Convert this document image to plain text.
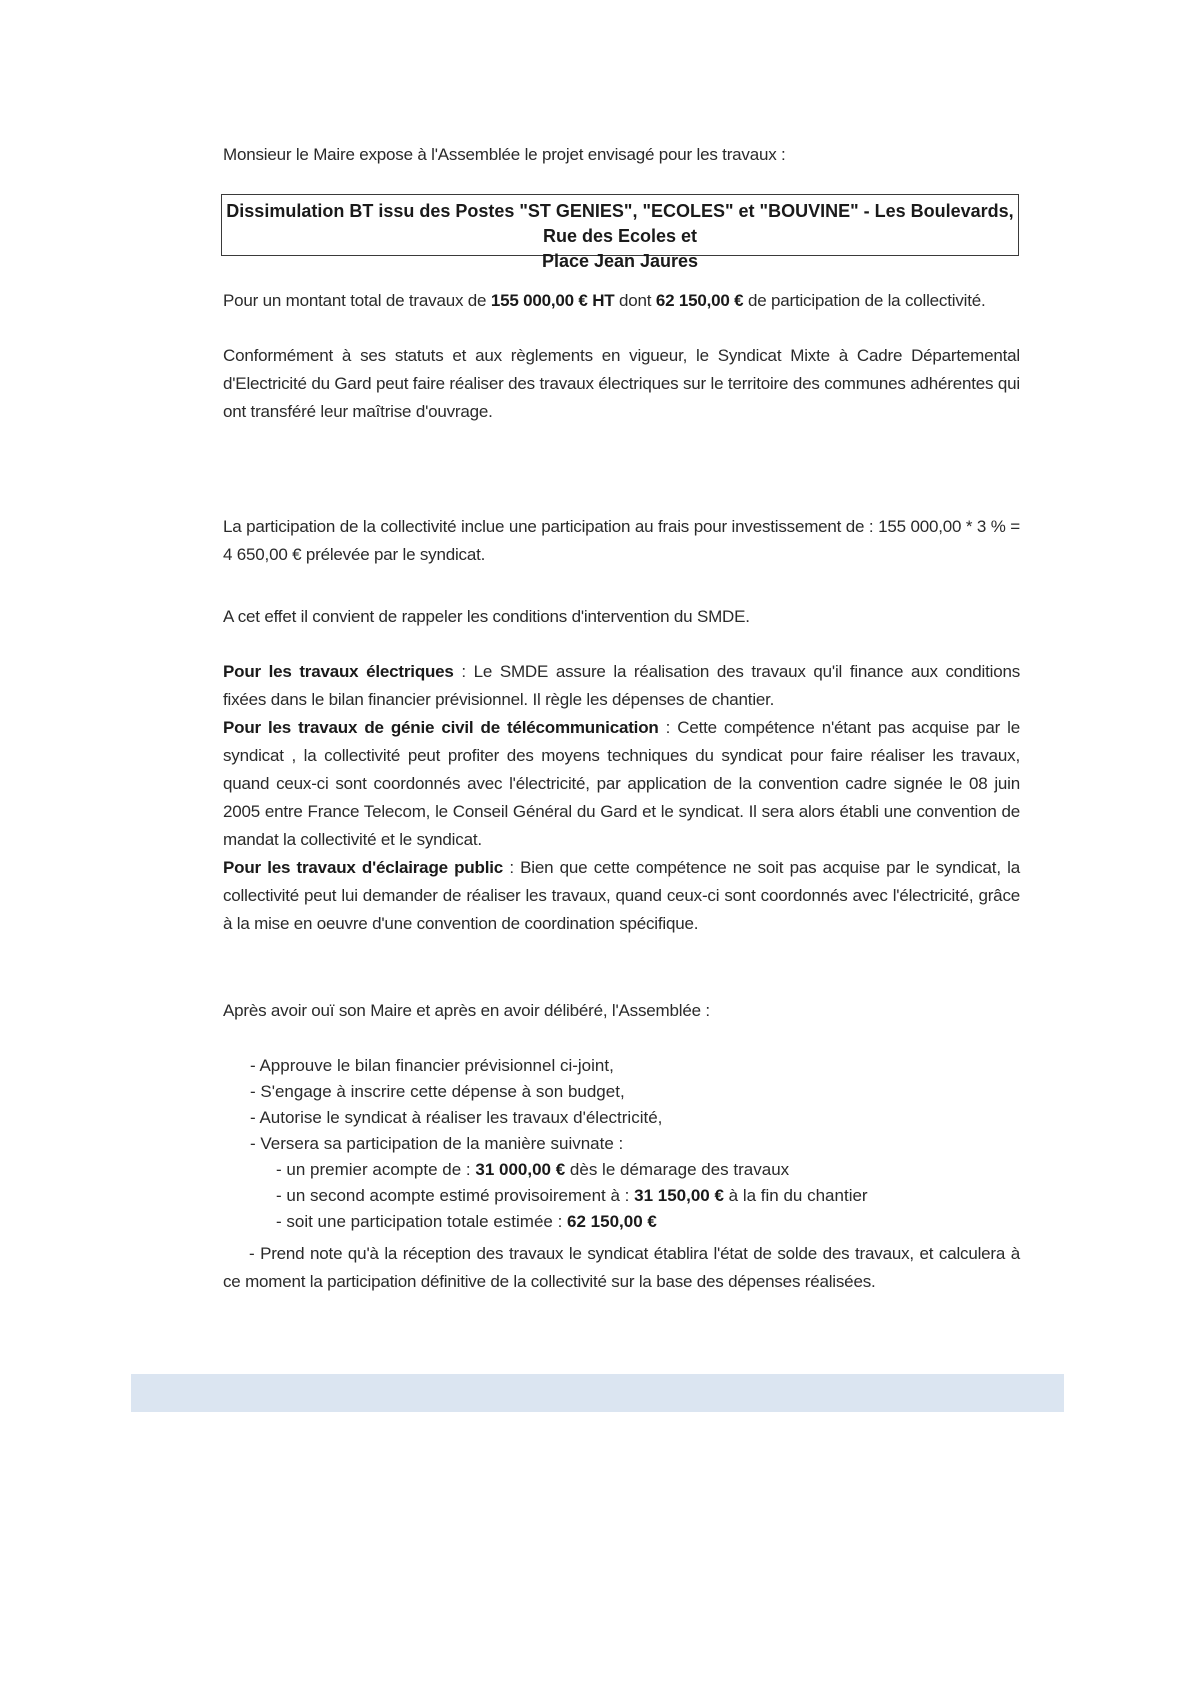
Monsieur le Maire expose à l'Assemblée le projet envisagé pour les travaux :
Dissimulation BT issu des Postes "ST GENIES", "ECOLES" et "BOUVINE" - Les Boulevards, Rue des Ecoles et
Place Jean Jaures
Pour un montant total de travaux de 155 000,00 € HT dont 62 150,00 € de participation de la collectivité.
Conformément à ses statuts et aux règlements en vigueur, le Syndicat Mixte à Cadre Départemental d'Electricité du Gard peut faire réaliser des travaux électriques sur le territoire des communes adhérentes qui ont transféré leur maîtrise d'ouvrage.
La participation de la collectivité inclue une participation au frais pour investissement de : 155 000,00 * 3 % = 4 650,00 € prélevée par le syndicat.
A cet effet il convient de rappeler les conditions d'intervention du SMDE.
Pour les travaux électriques : Le SMDE assure la réalisation des travaux qu'il finance aux conditions fixées dans le bilan financier prévisionnel. Il règle les dépenses de chantier.
Pour les travaux de génie civil de télécommunication : Cette compétence n'étant pas acquise par le syndicat , la collectivité peut profiter des moyens techniques du syndicat pour faire réaliser les travaux, quand ceux-ci sont coordonnés avec l'électricité, par application de la convention cadre signée le 08 juin 2005 entre France Telecom, le Conseil Général du Gard et le syndicat. Il sera alors établi une convention de mandat la collectivité et le syndicat.
Pour les travaux d'éclairage public : Bien que cette compétence ne soit pas acquise par le syndicat, la collectivité peut lui demander de réaliser les travaux, quand ceux-ci sont coordonnés avec l'électricité, grâce à la mise en oeuvre d'une convention de coordination spécifique.
Après avoir ouï son Maire et après en avoir délibéré, l'Assemblée :
- Approuve le bilan financier prévisionnel ci-joint,
- S'engage à inscrire cette dépense à son budget,
- Autorise le syndicat à réaliser les travaux d'électricité,
- Versera sa participation de la manière suivnate :
- un premier acompte de : 31 000,00 € dès le démarage des travaux
- un second acompte estimé provisoirement à : 31 150,00 € à la fin du chantier
- soit une participation totale estimée : 62 150,00 €
- Prend note qu'à la réception des travaux le syndicat établira l'état de solde des travaux, et calculera à ce moment la participation définitive de la collectivité sur la base des dépenses réalisées.
